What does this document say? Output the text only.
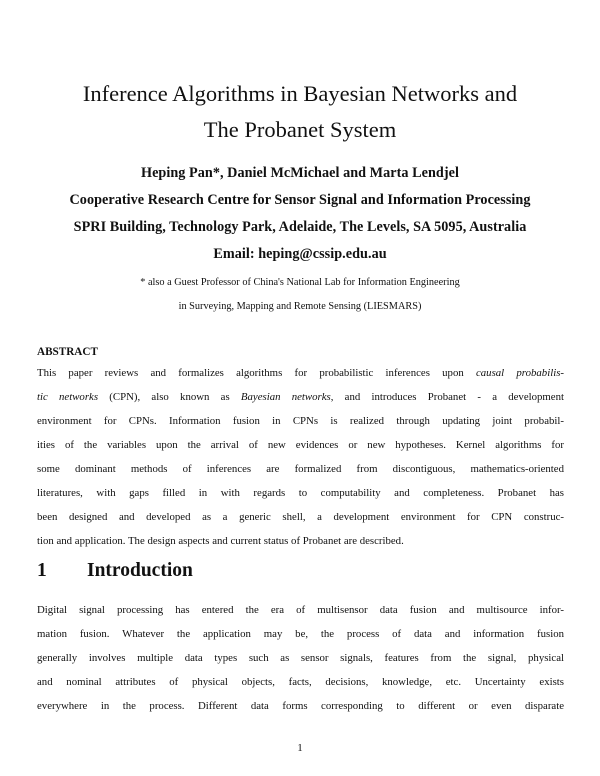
Inference Algorithms in Bayesian Networks and
The Probanet System
Heping Pan*, Daniel McMichael and Marta Lendjel
Cooperative Research Centre for Sensor Signal and Information Processing
SPRI Building, Technology Park, Adelaide, The Levels, SA 5095, Australia
Email: heping@cssip.edu.au
* also a Guest Professor of China's National Lab for Information Engineering
in Surveying, Mapping and Remote Sensing (LIESMARS)
ABSTRACT
This paper reviews and formalizes algorithms for probabilistic inferences upon causal probabilis-
tic networks (CPN), also known as Bayesian networks, and introduces Probanet - a development
environment for CPNs. Information fusion in CPNs is realized through updating joint probabil-
ities of the variables upon the arrival of new evidences or new hypotheses. Kernel algorithms for
some dominant methods of inferences are formalized from discontiguous, mathematics-oriented
literatures, with gaps filled in with regards to computability and completeness. Probanet has
been designed and developed as a generic shell, a development environment for CPN construc-
tion and application. The design aspects and current status of Probanet are described.
1 Introduction
Digital signal processing has entered the era of multisensor data fusion and multisource infor-
mation fusion. Whatever the application may be, the process of data and information fusion
generally involves multiple data types such as sensor signals, features from the signal, physical
and nominal attributes of physical objects, facts, decisions, knowledge, etc. Uncertainty exists
everywhere in the process. Different data forms corresponding to different or even disparate
1
